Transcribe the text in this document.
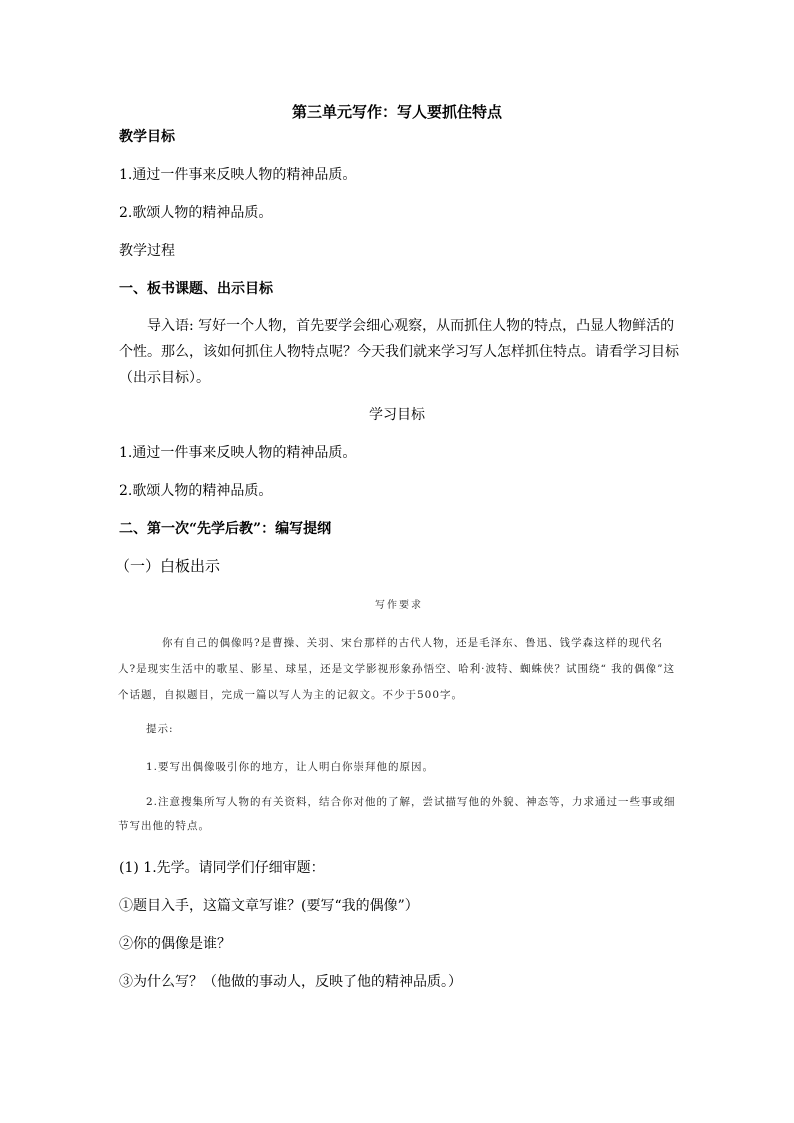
第三单元写作：写人要抓住特点
教学目标
1.通过一件事来反映人物的精神品质。
2.歌颂人物的精神品质。
教学过程
一、板书课题、出示目标
导入语: 写好一个人物，首先要学会细心观察，从而抓住人物的特点，凸显人物鲜活的个性。那么，该如何抓住人物特点呢？今天我们就来学习写人怎样抓住特点。请看学习目标（出示目标）。
学习目标
1.通过一件事来反映人物的精神品质。
2.歌颂人物的精神品质。
二、第一次“先学后教”：编写提纲
（一）白板出示
写作要求
你有自己的偶像吗?是曹操、关羽、宋台那样的古代人物，还是毛泽东、鲁迅、钱学森这样的现代名人?是现实生活中的歌星、影星、球星，还是文学影视形象孙悟空、哈利·波特、蜘蛛侠？试围绕“ 我的偶像”这个话题，自拟题目，完成一篇以写人为主的记叙文。不少于500字。
提示:
1.要写出偶像吸引你的地方，让人明白你崇拜他的原因。
2.注意搜集所写人物的有关资料，结合你对他的了解，尝试描写他的外貌、神态等，力求通过一些事或细节写出他的特点。
(1) 1.先学。请同学们仔细审题：
①题目入手，这篇文章写谁？(要写“我的偶像”）
②你的偶像是谁？
③为什么写？（他做的事动人，反映了他的精神品质。）
